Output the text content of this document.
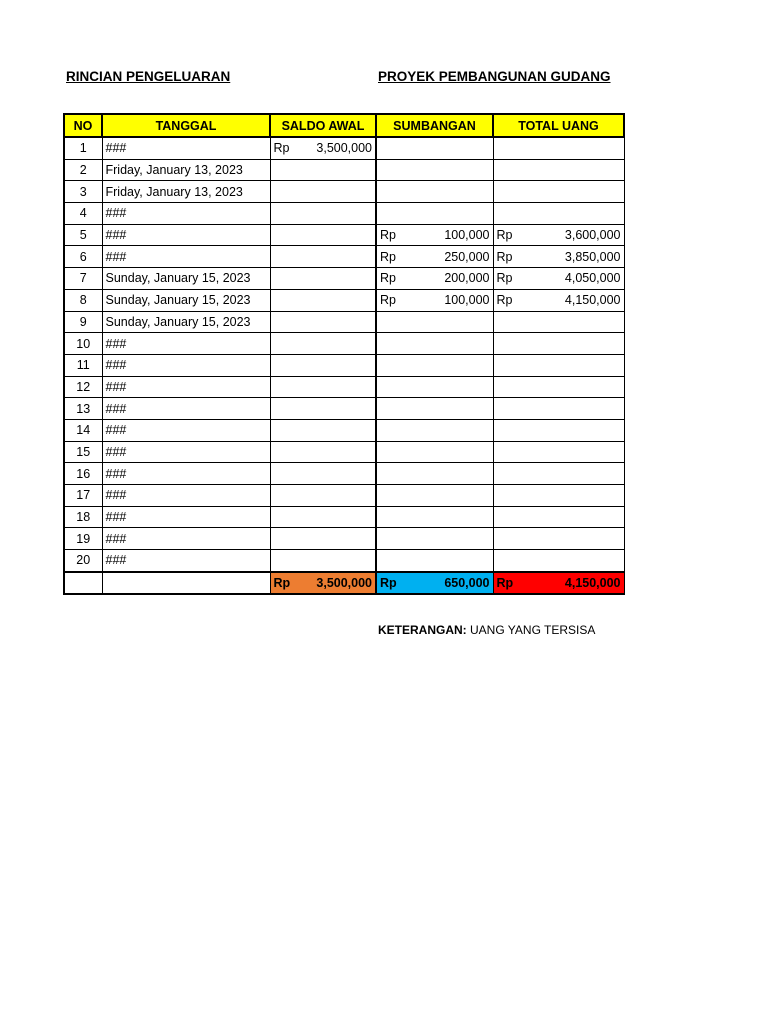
RINCIAN PENGELUARAN	PROYEK PEMBANGUNAN GUDANG
NO	TANGGAL	SALDO AWAL	SUMBANGAN	TOTAL UANG
1	###	Rp 3,500,000		

2	Friday, January 13, 2023	

3	Friday, January 13, 2023	

4	###	

5	###		Rp 100,000	Rp 3,600,000

6	###		Rp 250,000	Rp 3,850,000

7	Sunday, January 15, 2023		Rp 200,000	Rp 4,050,000

8	Sunday, January 15, 2023		Rp 100,000	Rp 4,150,000

9	Sunday, January 15, 2023	

10	###	

11	###	

12	###	

13	###	

14	###	

15	###	

16	###	

17	###	

18	###	

19	###	

20	###	

		Rp 3,500,000	Rp 650,000	Rp 4,150,000
KETERANGAN: UANG YANG TERSISA
